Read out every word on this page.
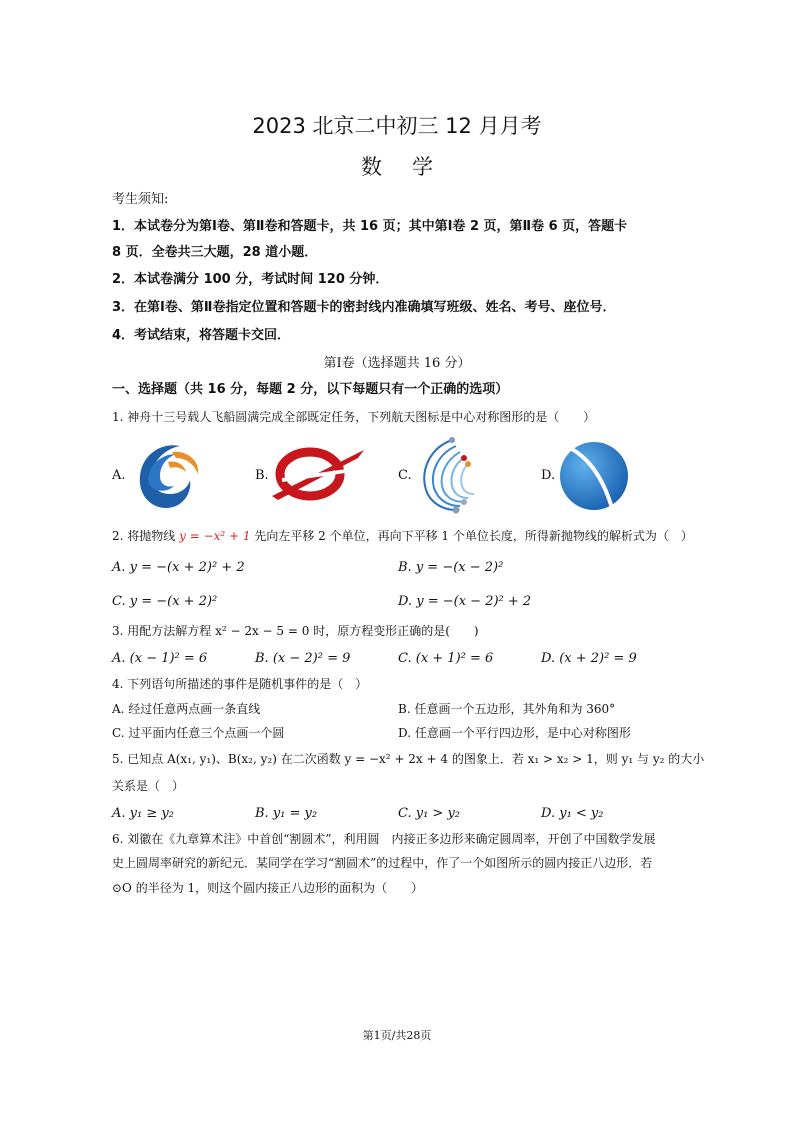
2023 北京二中初三 12 月月考
数学
考生须知:
1．本试卷分为第Ⅰ卷、第Ⅱ卷和答题卡，共 16 页；其中第Ⅰ卷 2 页，第Ⅱ卷 6 页，答题卡
8 页．全卷共三大题，28 道小题．
2．本试卷满分 100 分，考试时间 120 分钟．
3．在第Ⅰ卷、第Ⅱ卷指定位置和答题卡的密封线内准确填写班级、姓名、考号、座位号．
4．考试结束，将答题卡交回．
第Ⅰ卷（选择题共 16 分）
一、选择题（共 16 分，每题 2 分，以下每题只有一个正确的选项）
1. 神舟十三号载人飞船圆满完成全部既定任务，下列航天图标是中心对称图形的是（　　）
A.	B.	C.	D.
2. 将抛物线 y = −x² + 1 先向左平移 2 个单位，再向下平移 1 个单位长度，所得新抛物线的解析式为（　）
A. y = −(x + 2)² + 2	B. y = −(x − 2)²
C. y = −(x + 2)²	D. y = −(x − 2)² + 2
3. 用配方法解方程 x² − 2x − 5 = 0 时，原方程变形正确的是(　　)
A. (x − 1)² = 6	B. (x − 2)² = 9	C. (x + 1)² = 6	D. (x + 2)² = 9
4. 下列语句所描述的事件是随机事件的是（　）
A. 经过任意两点画一条直线	B. 任意画一个五边形，其外角和为 360°
C. 过平面内任意三个点画一个圆	D. 任意画一个平行四边形，是中心对称图形
5. 已知点 A(x₁, y₁)、B(x₂, y₂) 在二次函数 y = −x² + 2x + 4 的图象上．若 x₁ > x₂ > 1，则 y₁ 与 y₂ 的大小
关系是（　）
A. y₁ ≥ y₂	B. y₁ = y₂	C. y₁ > y₂	D. y₁ < y₂
6. 刘徽在《九章算术注》中首创“割圆术”，利用圆　内接正多边形来确定圆周率，开创了中国数学发展
史上圆周率研究的新纪元．某同学在学习“割圆术”的过程中，作了一个如图所示的圆内接正八边形．若
⊙O 的半径为 1，则这个圆内接正八边形的面积为（　　）
第1页/共28页
